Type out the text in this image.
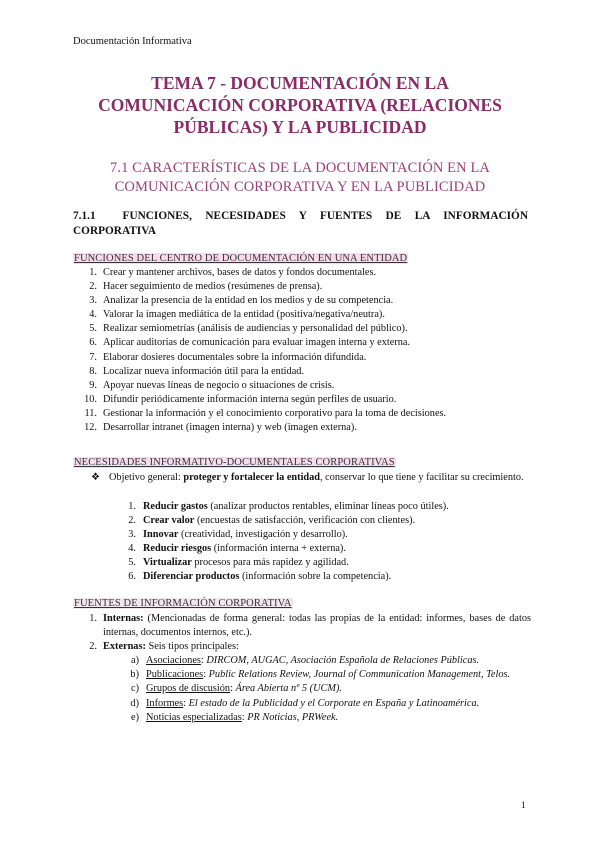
Documentación Informativa
TEMA 7 - DOCUMENTACIÓN EN LA
COMUNICACIÓN CORPORATIVA (RELACIONES
PÚBLICAS) Y LA PUBLICIDAD
7.1 CARACTERÍSTICAS DE LA DOCUMENTACIÓN EN LA
COMUNICACIÓN CORPORATIVA Y EN LA PUBLICIDAD
7.1.1 FUNCIONES, NECESIDADES Y FUENTES DE LA INFORMACIÓN CORPORATIVA
FUNCIONES DEL CENTRO DE DOCUMENTACIÓN EN UNA ENTIDAD
1. Crear y mantener archivos, bases de datos y fondos documentales.
2. Hacer seguimiento de medios (resúmenes de prensa).
3. Analizar la presencia de la entidad en los medios y de su competencia.
4. Valorar la imagen mediática de la entidad (positiva/negativa/neutra).
5. Realizar semiometrías (análisis de audiencias y personalidad del público).
6. Aplicar auditorías de comunicación para evaluar imagen interna y externa.
7. Elaborar dosieres documentales sobre la información difundida.
8. Localizar nueva información útil para la entidad.
9. Apoyar nuevas líneas de negocio o situaciones de crisis.
10. Difundir periódicamente información interna según perfiles de usuario.
11. Gestionar la información y el conocimiento corporativo para la toma de decisiones.
12. Desarrollar intranet (imagen interna) y web (imagen externa).
NECESIDADES INFORMATIVO-DOCUMENTALES CORPORATIVAS
❖ Objetivo general: proteger y fortalecer la entidad, conservar lo que tiene y facilitar su crecimiento.
1. Reducir gastos (analizar productos rentables, eliminar líneas poco útiles).
2. Crear valor (encuestas de satisfacción, verificación con clientes).
3. Innovar (creatividad, investigación y desarrollo).
4. Reducir riesgos (información interna + externa).
5. Virtualizar procesos para más rapidez y agilidad.
6. Diferenciar productos (información sobre la competencia).
FUENTES DE INFORMACIÓN CORPORATIVA
1. Internas: (Mencionadas de forma general: todas las propias de la entidad: informes, bases de datos internas, documentos internos, etc.).
2. Externas: Seis tipos principales:
a) Asociaciones: DIRCOM, AUGAC, Asociación Española de Relaciones Públicas.
b) Publicaciones: Public Relations Review, Journal of Communication Management, Telos.
c) Grupos de discusión: Área Abierta nº 5 (UCM).
d) Informes: El estado de la Publicidad y el Corporate en España y Latinoamérica.
e) Noticias especializadas: PR Noticias, PRWeek.
1
